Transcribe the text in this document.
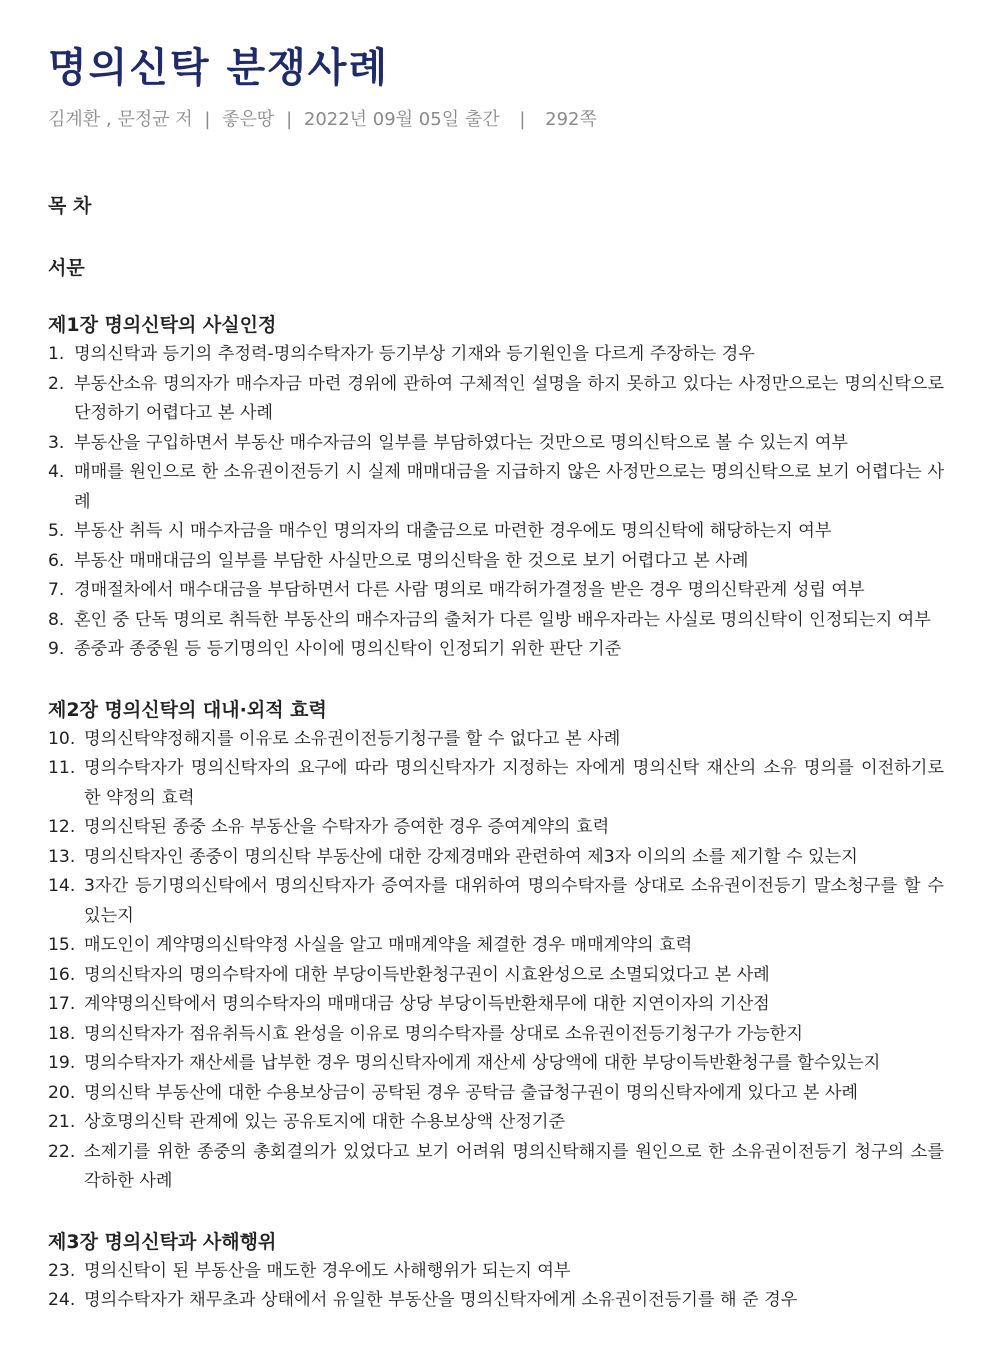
명의신탁 분쟁사례
김계환 , 문정균 저 | 좋은땅 | 2022년 09월 05일 출간 | 292쪽
목 차
서문
제1장 명의신탁의 사실인정
1. 명의신탁과 등기의 추정력-명의수탁자가 등기부상 기재와 등기원인을 다르게 주장하는 경우
2. 부동산소유 명의자가 매수자금 마련 경위에 관하여 구체적인 설명을 하지 못하고 있다는 사정만으로는 명의신탁으로 단정하기 어렵다고 본 사례
3. 부동산을 구입하면서 부동산 매수자금의 일부를 부담하였다는 것만으로 명의신탁으로 볼 수 있는지 여부
4. 매매를 원인으로 한 소유권이전등기 시 실제 매매대금을 지급하지 않은 사정만으로는 명의신탁으로 보기 어렵다는 사례
5. 부동산 취득 시 매수자금을 매수인 명의자의 대출금으로 마련한 경우에도 명의신탁에 해당하는지 여부
6. 부동산 매매대금의 일부를 부담한 사실만으로 명의신탁을 한 것으로 보기 어렵다고 본 사례
7. 경매절차에서 매수대금을 부담하면서 다른 사람 명의로 매각허가결정을 받은 경우 명의신탁관계 성립 여부
8. 혼인 중 단독 명의로 취득한 부동산의 매수자금의 출처가 다른 일방 배우자라는 사실로 명의신탁이 인정되는지 여부
9. 종중과 종중원 등 등기명의인 사이에 명의신탁이 인정되기 위한 판단 기준
제2장 명의신탁의 대내·외적 효력
10. 명의신탁약정해지를 이유로 소유권이전등기청구를 할 수 없다고 본 사례
11. 명의수탁자가 명의신탁자의 요구에 따라 명의신탁자가 지정하는 자에게 명의신탁 재산의 소유 명의를 이전하기로 한 약정의 효력
12. 명의신탁된 종중 소유 부동산을 수탁자가 증여한 경우 증여계약의 효력
13. 명의신탁자인 종중이 명의신탁 부동산에 대한 강제경매와 관련하여 제3자 이의의 소를 제기할 수 있는지
14. 3자간 등기명의신탁에서 명의신탁자가 증여자를 대위하여 명의수탁자를 상대로 소유권이전등기 말소청구를 할 수 있는지
15. 매도인이 계약명의신탁약정 사실을 알고 매매계약을 체결한 경우 매매계약의 효력
16. 명의신탁자의 명의수탁자에 대한 부당이득반환청구권이 시효완성으로 소멸되었다고 본 사례
17. 계약명의신탁에서 명의수탁자의 매매대금 상당 부당이득반환채무에 대한 지연이자의 기산점
18. 명의신탁자가 점유취득시효 완성을 이유로 명의수탁자를 상대로 소유권이전등기청구가 가능한지
19. 명의수탁자가 재산세를 납부한 경우 명의신탁자에게 재산세 상당액에 대한 부당이득반환청구를 할수있는지
20. 명의신탁 부동산에 대한 수용보상금이 공탁된 경우 공탁금 출급청구권이 명의신탁자에게 있다고 본 사례
21. 상호명의신탁 관계에 있는 공유토지에 대한 수용보상액 산정기준
22. 소제기를 위한 종중의 총회결의가 있었다고 보기 어려워 명의신탁해지를 원인으로 한 소유권이전등기 청구의 소를 각하한 사례
제3장 명의신탁과 사해행위
23. 명의신탁이 된 부동산을 매도한 경우에도 사해행위가 되는지 여부
24. 명의수탁자가 채무초과 상태에서 유일한 부동산을 명의신탁자에게 소유권이전등기를 해 준 경우
